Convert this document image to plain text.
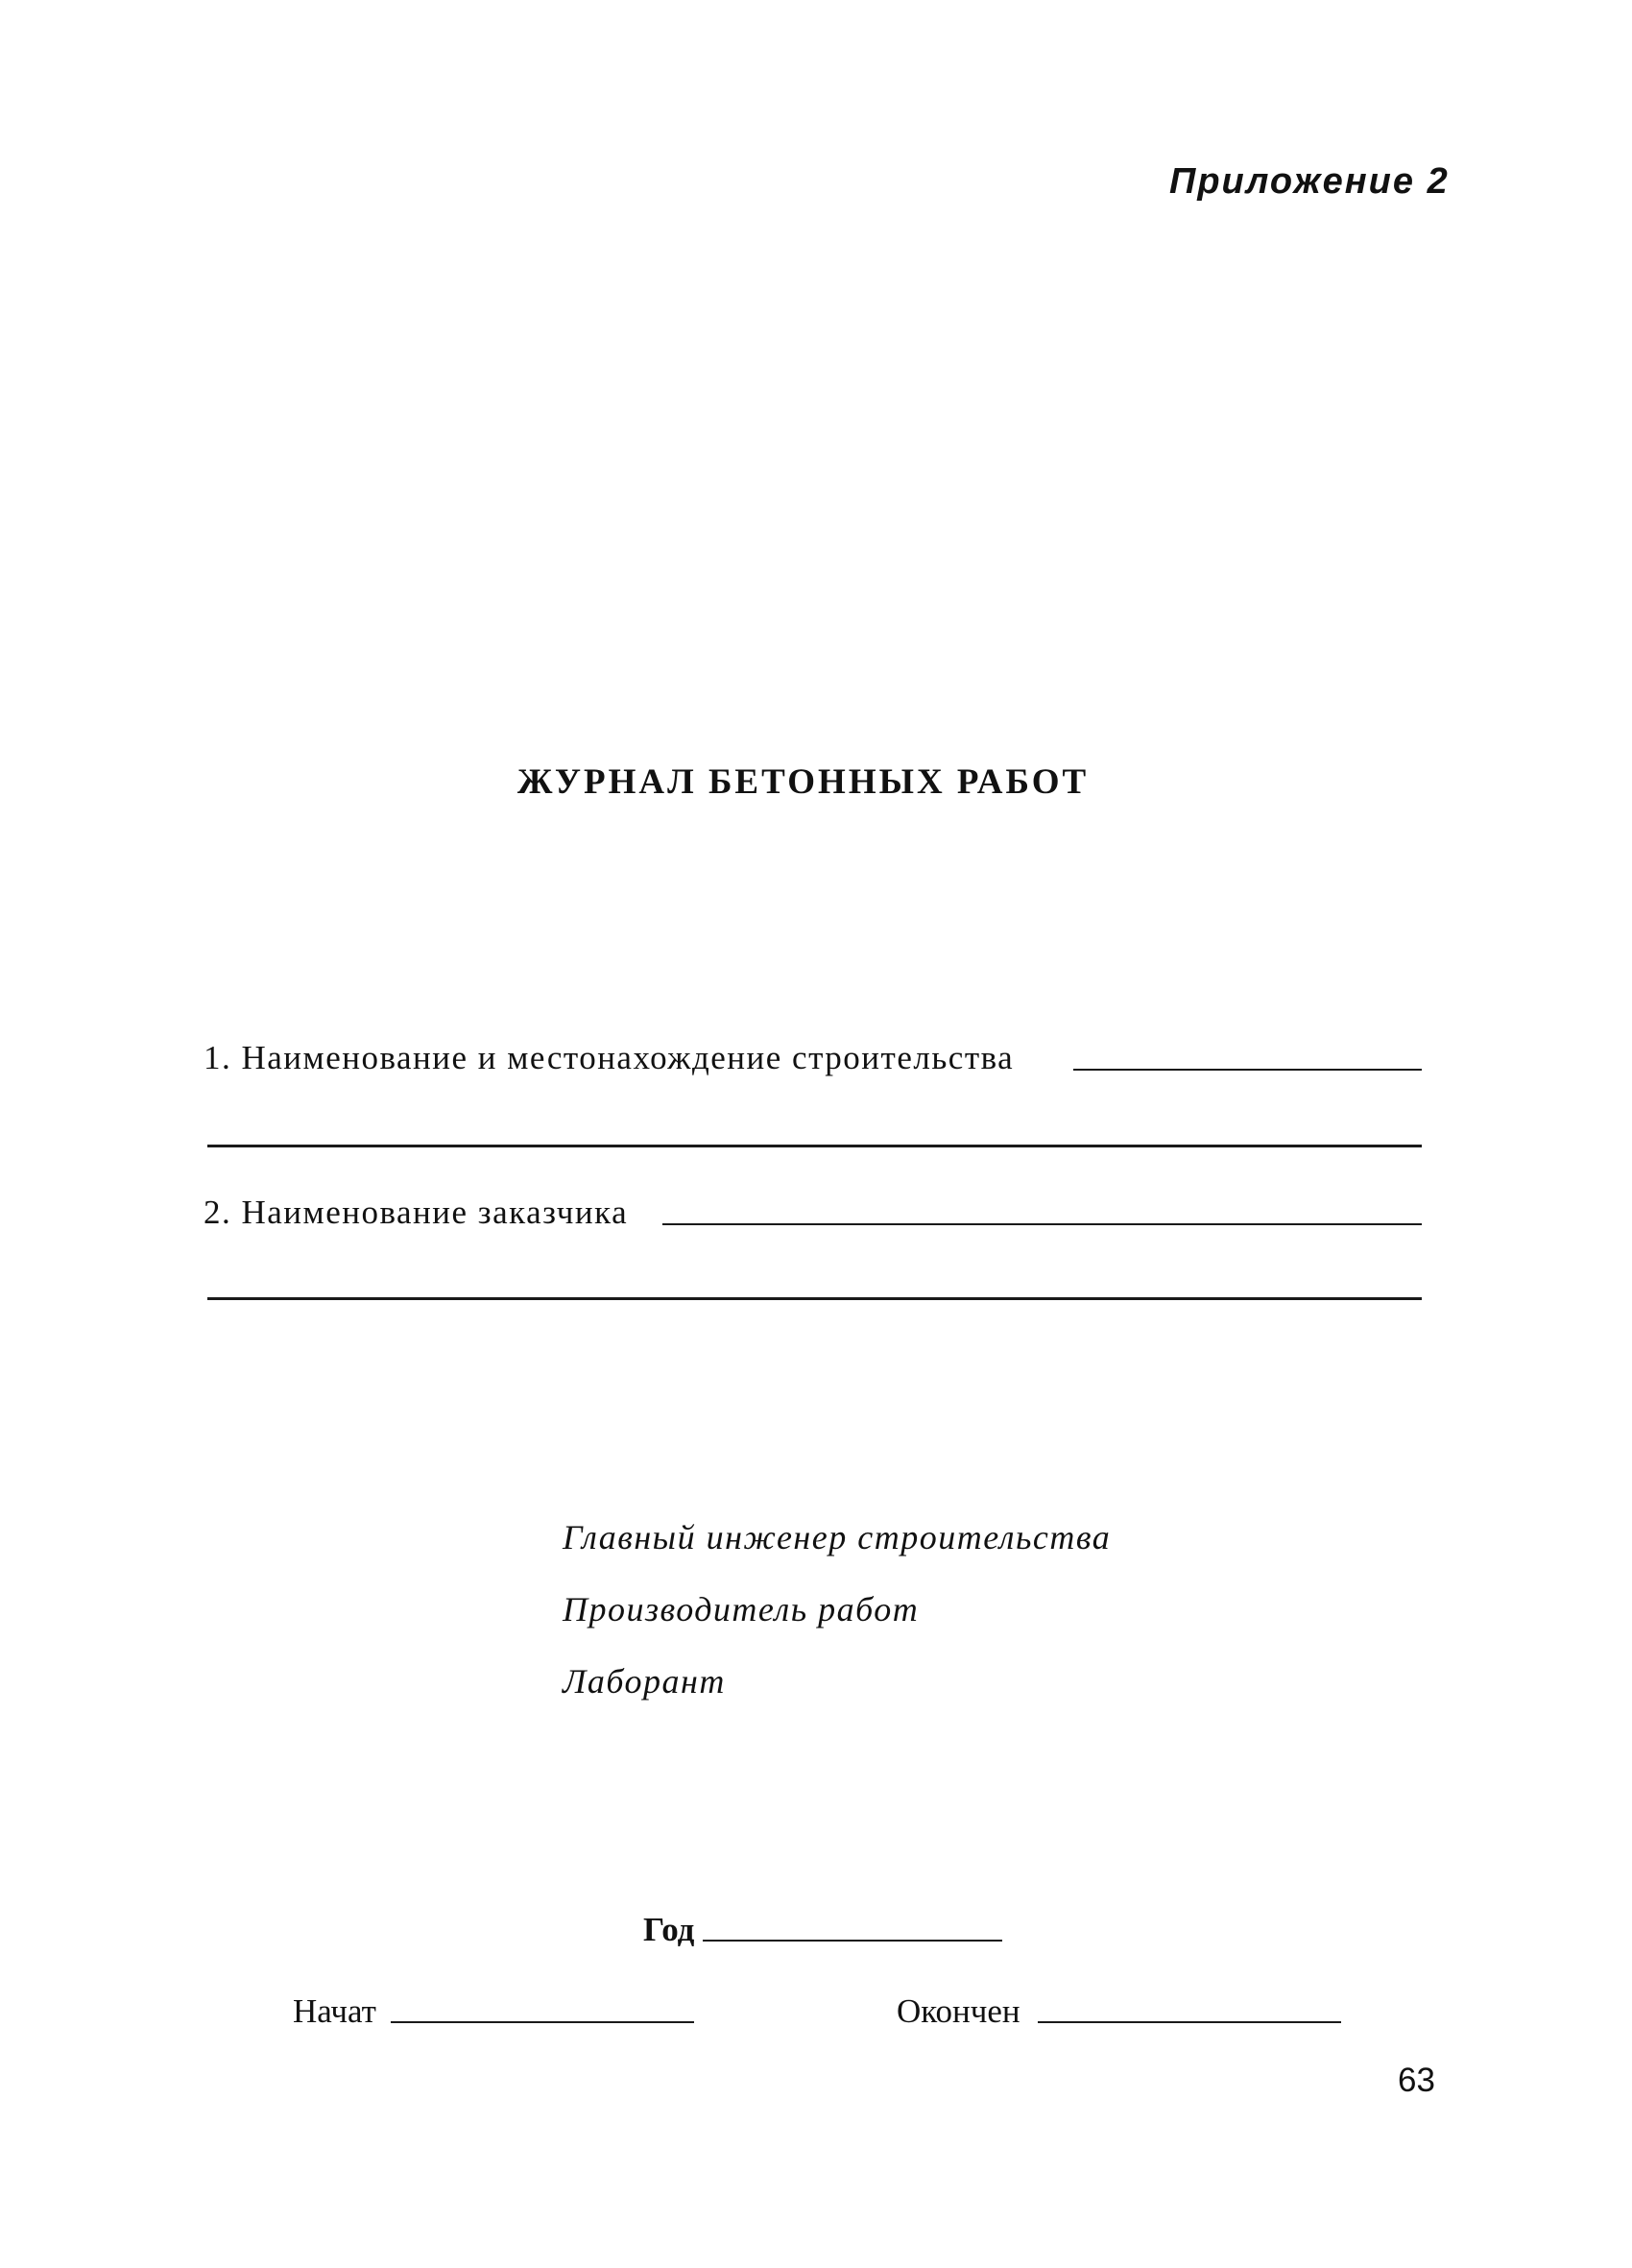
Приложение 2
ЖУРНАЛ БЕТОННЫХ РАБОТ
1. Наименование и местонахождение строительства
2. Наименование заказчика
Главный инженер строительства
Производитель работ
Лаборант
Год
Начат	Окончен
63
